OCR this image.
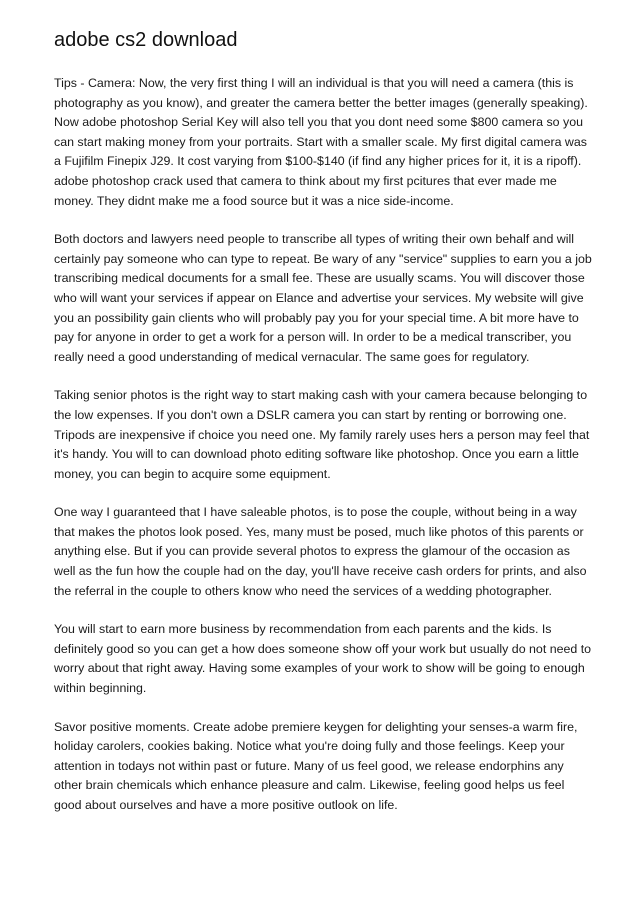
adobe cs2 download

Tips - Camera: Now, the very first thing I will an individual is that you will need a camera (this is photography as you know), and greater the camera better the better images (generally speaking). Now adobe photoshop Serial Key will also tell you that you dont need some $800 camera so you can start making money from your portraits. Start with a smaller scale. My first digital camera was a Fujifilm Finepix J29. It cost varying from $100-$140 (if find any higher prices for it, it is a ripoff). adobe photoshop crack used that camera to think about my first pcitures that ever made me money. They didnt make me a food source but it was a nice side-income.

Both doctors and lawyers need people to transcribe all types of writing their own behalf and will certainly pay someone who can type to repeat. Be wary of any "service" supplies to earn you a job transcribing medical documents for a small fee. These are usually scams. You will discover those who will want your services if appear on Elance and advertise your services. My website will give you an possibility gain clients who will probably pay you for your special time. A bit more have to pay for anyone in order to get a work for a person will. In order to be a medical transcriber, you really need a good understanding of medical vernacular. The same goes for regulatory.

Taking senior photos is the right way to start making cash with your camera because belonging to the low expenses. If you don't own a DSLR camera you can start by renting or borrowing one. Tripods are inexpensive if choice you need one. My family rarely uses hers a person may feel that it's handy. You will to can download photo editing software like photoshop. Once you earn a little money, you can begin to acquire some equipment.

One way I guaranteed that I have saleable photos, is to pose the couple, without being in a way that makes the photos look posed. Yes, many must be posed, much like photos of this parents or anything else. But if you can provide several photos to express the glamour of the occasion as well as the fun how the couple had on the day, you'll have receive cash orders for prints, and also the referral in the couple to others know who need the services of a wedding photographer.

You will start to earn more business by recommendation from each parents and the kids. Is definitely good so you can get a how does someone show off your work but usually do not need to worry about that right away. Having some examples of your work to show will be going to enough within beginning.

Savor positive moments. Create adobe premiere keygen for delighting your senses-a warm fire, holiday carolers, cookies baking. Notice what you're doing fully and those feelings. Keep your attention in todays not within past or future. Many of us feel good, we release endorphins any other brain chemicals which enhance pleasure and calm. Likewise, feeling good helps us feel good about ourselves and have a more positive outlook on life.
